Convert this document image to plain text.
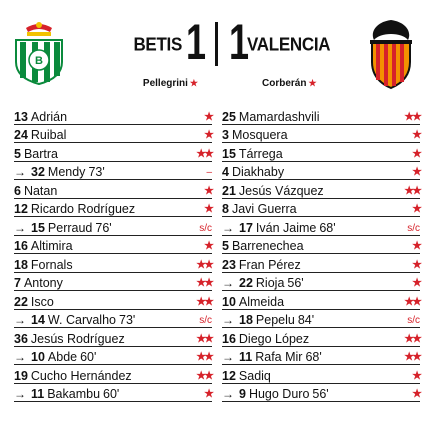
B
BETIS 1 1
VALENCIA
Pellegrini ★	Corberán ★
13 Adrián	★
24 Ruibal	★
5 Bartra	★★
→ 32 Mendy 73'	–
6 Natan	★
12 Ricardo Rodríguez	★
→ 15 Perraud 76'	s/c
16 Altimira	★
18 Fornals	★★
7 Antony	★★
22 Isco	★★
→ 14 W. Carvalho 73'	s/c
36 Jesús Rodríguez	★★
→ 10 Abde 60'	★★
19 Cucho Hernández	★★
→ 11 Bakambu 60'	★
25 Mamardashvili	★★
3 Mosquera	★
15 Tárrega	★
4 Diakhaby	★
21 Jesús Vázquez	★★
8 Javi Guerra	★
→ 17 Iván Jaime 68'	s/c
5 Barrenechea	★
23 Fran Pérez	★
→ 22 Rioja 56'	★
10 Almeida	★★
→ 18 Pepelu 84'	s/c
16 Diego López	★★
→ 11 Rafa Mir 68'	★★
12 Sadiq	★
→ 9 Hugo Duro 56'	★
